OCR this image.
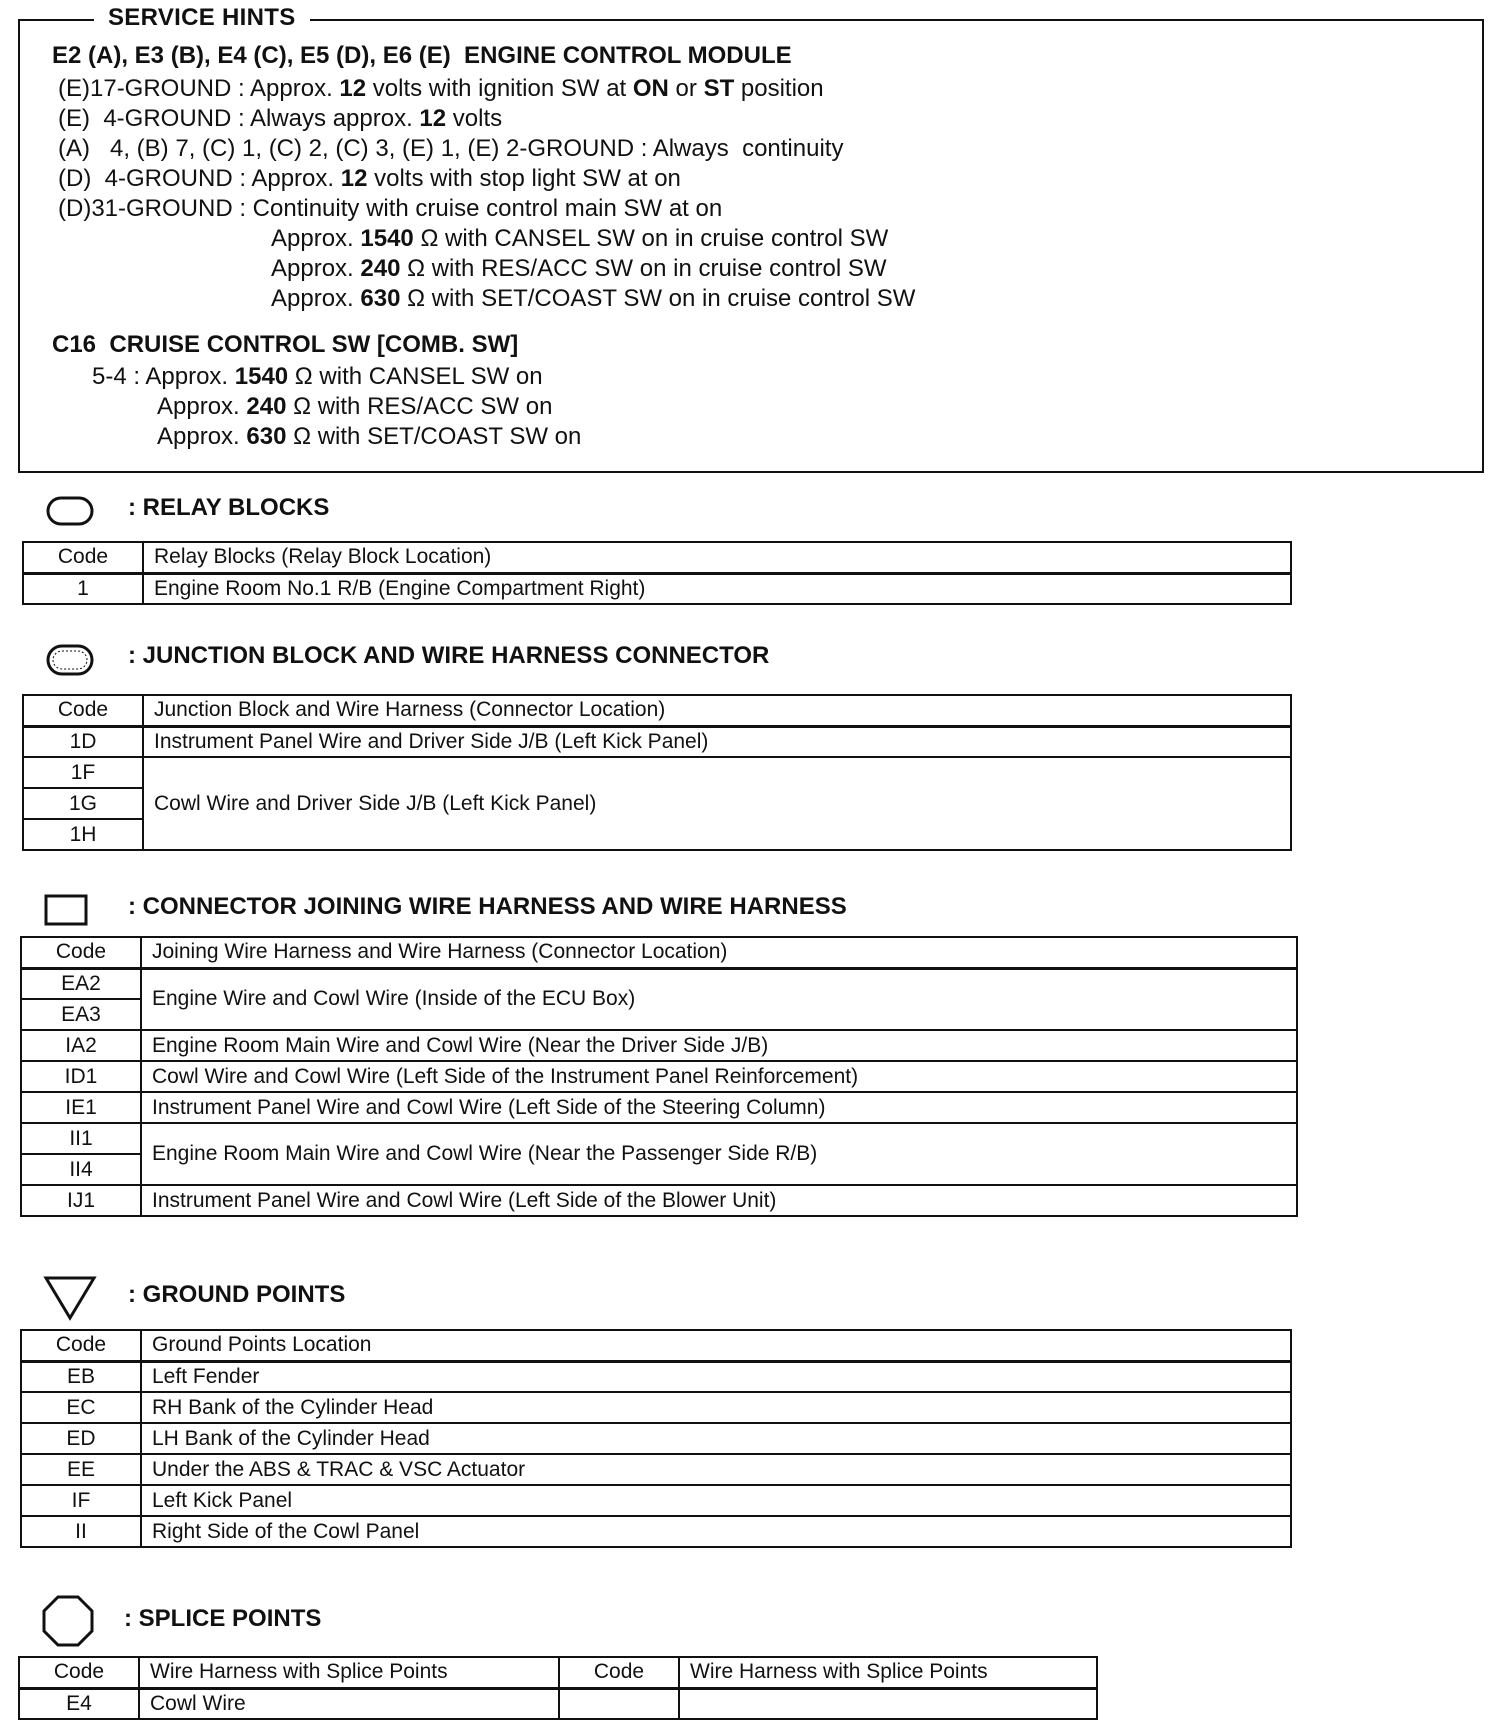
SERVICE HINTS
E2 (A), E3 (B), E4 (C), E5 (D), E6 (E)  ENGINE CONTROL MODULE
(E)17-GROUND : Approx. 12 volts with ignition SW at ON or ST position
(E)  4-GROUND : Always approx. 12 volts
(A)   4, (B) 7, (C) 1, (C) 2, (C) 3, (E) 1, (E) 2-GROUND : Always  continuity
(D)  4-GROUND : Approx. 12 volts with stop light SW at on
(D)31-GROUND : Continuity with cruise control main SW at on
Approx. 1540 Ω with CANSEL SW on in cruise control SW
Approx. 240 Ω with RES/ACC SW on in cruise control SW
Approx. 630 Ω with SET/COAST SW on in cruise control SW
C16  CRUISE CONTROL SW [COMB. SW]
5-4 : Approx. 1540 Ω with CANSEL SW on
Approx. 240 Ω with RES/ACC SW on
Approx. 630 Ω with SET/COAST SW on
: RELAY BLOCKS
Code	Relay Blocks (Relay Block Location)
1	Engine Room No.1 R/B (Engine Compartment Right)
: JUNCTION BLOCK AND WIRE HARNESS CONNECTOR
Code	Junction Block and Wire Harness (Connector Location)
1D	Instrument Panel Wire and Driver Side J/B (Left Kick Panel)
1F	Cowl Wire and Driver Side J/B (Left Kick Panel)
1G	
1H	
: CONNECTOR JOINING WIRE HARNESS AND WIRE HARNESS
Code	Joining Wire Harness and Wire Harness (Connector Location)
EA2	Engine Wire and Cowl Wire (Inside of the ECU Box)
EA3	
IA2	Engine Room Main Wire and Cowl Wire (Near the Driver Side J/B)
ID1	Cowl Wire and Cowl Wire (Left Side of the Instrument Panel Reinforcement)
IE1	Instrument Panel Wire and Cowl Wire (Left Side of the Steering Column)
II1	Engine Room Main Wire and Cowl Wire (Near the Passenger Side R/B)
II4	
IJ1	Instrument Panel Wire and Cowl Wire (Left Side of the Blower Unit)
: GROUND POINTS
Code	Ground Points Location
EB	Left Fender
EC	RH Bank of the Cylinder Head
ED	LH Bank of the Cylinder Head
EE	Under the ABS & TRAC & VSC Actuator
IF	Left Kick Panel
II	Right Side of the Cowl Panel
: SPLICE POINTS
Code	Wire Harness with Splice Points	Code	Wire Harness with Splice Points
E4	Cowl Wire		
